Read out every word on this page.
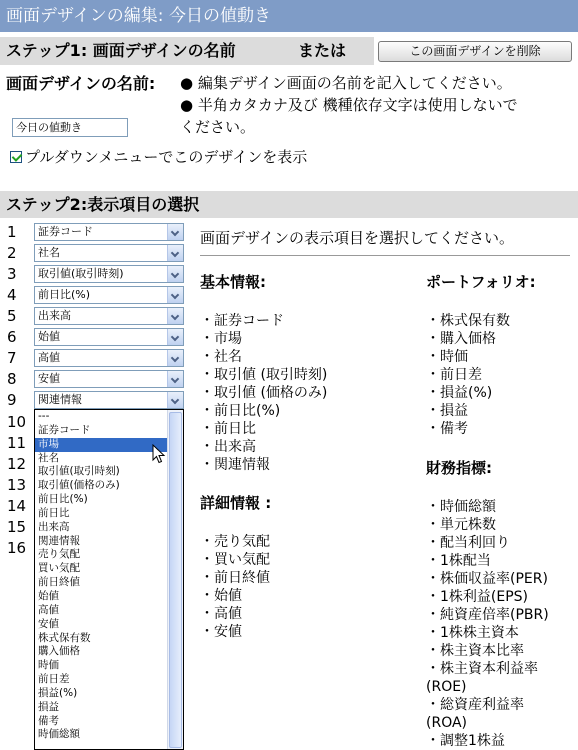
画面デザインの編集: 今日の値動き
ステップ1: 画面デザインの名前	または	この画面デザインを削除
画面デザインの名前:
今日の値動き
● 編集デザイン画面の名前を記入してください。
● 半角カタカナ及び 機種依存文字は使用しないで
ください。
プルダウンメニューでこのデザインを表示
ステップ2:表示項目の選択
1
2
3
4
5
6
7
8
9
10
11
12
13
14
15
16
証券コード
社名
取引値(取引時刻)
前日比(%)
出来高
始値
高値
安値
関連情報
---
証券コード
市場
社名
取引値(取引時刻)
取引値(価格のみ)
前日比(%)
前日比
出来高
関連情報
売り気配
買い気配
前日終値
始値
高値
安値
株式保有数
購入価格
時価
前日差
損益(%)
損益
備考
時価総額
画面デザインの表示項目を選択してください。
基本情報:
・証券コード
・市場
・社名
・取引値 (取引時刻)
・取引値 (価格のみ)
・前日比(%)
・前日比
・出来高
・関連情報
詳細情報 :
・売り気配
・買い気配
・前日終値
・始値
・高値
・安値
ポートフォリオ:
・株式保有数
・購入価格
・時価
・前日差
・損益(%)
・損益
・備考
財務指標:
・時価総額
・単元株数
・配当利回り
・1株配当
・株価収益率(PER)
・1株利益(EPS)
・純資産倍率(PBR)
・1株株主資本
・株主資本比率
・株主資本利益率
(ROE)
・総資産利益率
(ROA)
・調整1株益
